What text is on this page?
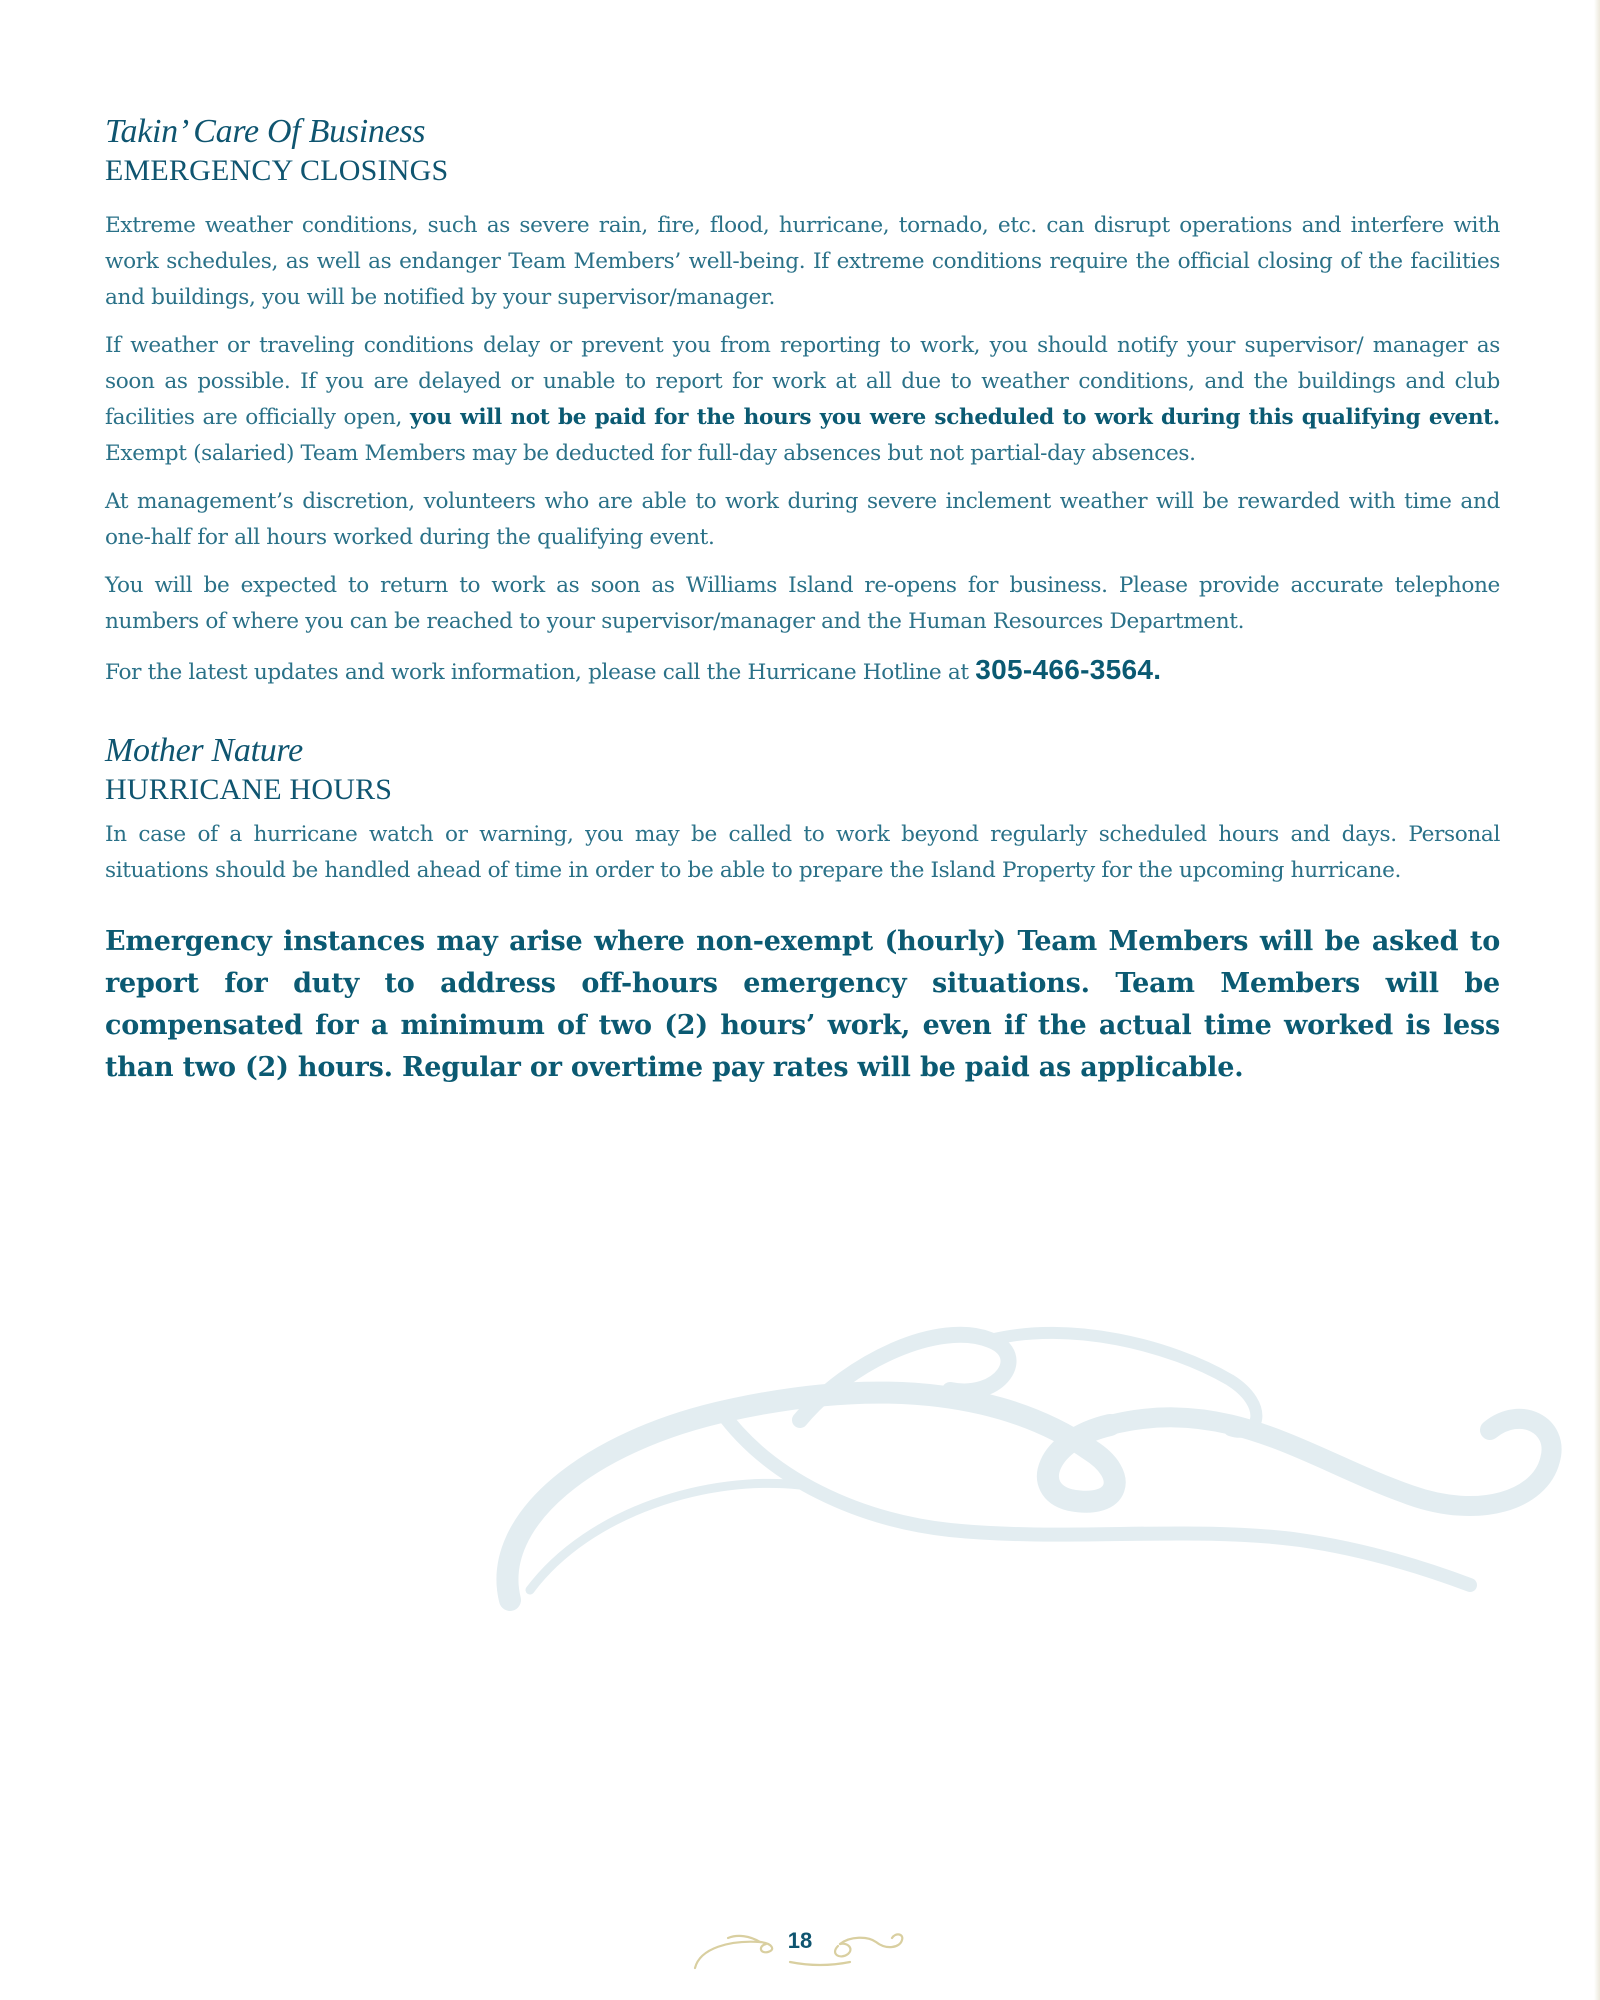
Takin’ Care Of Business
EMERGENCY CLOSINGS

Extreme weather conditions, such as severe rain, fire, flood, hurricane, tornado, etc. can disrupt operations and interfere with work schedules, as well as endanger Team Members’ well-being. If extreme conditions require the official closing of the facilities and buildings, you will be notified by your supervisor/manager.

If weather or traveling conditions delay or prevent you from reporting to work, you should notify your supervisor/ manager as soon as possible. If you are delayed or unable to report for work at all due to weather conditions, and the buildings and club facilities are officially open, you will not be paid for the hours you were scheduled to work during this qualifying event. Exempt (salaried) Team Members may be deducted for full-day absences but not partial-day absences.

At management’s discretion, volunteers who are able to work during severe inclement weather will be rewarded with time and one-half for all hours worked during the qualifying event.

You will be expected to return to work as soon as Williams Island re-opens for business. Please provide accurate telephone numbers of where you can be reached to your supervisor/manager and the Human Resources Department.

For the latest updates and work information, please call the Hurricane Hotline at 305-466-3564.

Mother Nature
HURRICANE HOURS

In case of a hurricane watch or warning, you may be called to work beyond regularly scheduled hours and days. Personal situations should be handled ahead of time in order to be able to prepare the Island Property for the upcoming hurricane.

Emergency instances may arise where non-exempt (hourly) Team Members will be asked to report for duty to address off-hours emergency situations. Team Members will be compensated for a minimum of two (2) hours’ work, even if the actual time worked is less than two (2) hours. Regular or overtime pay rates will be paid as applicable.
18
